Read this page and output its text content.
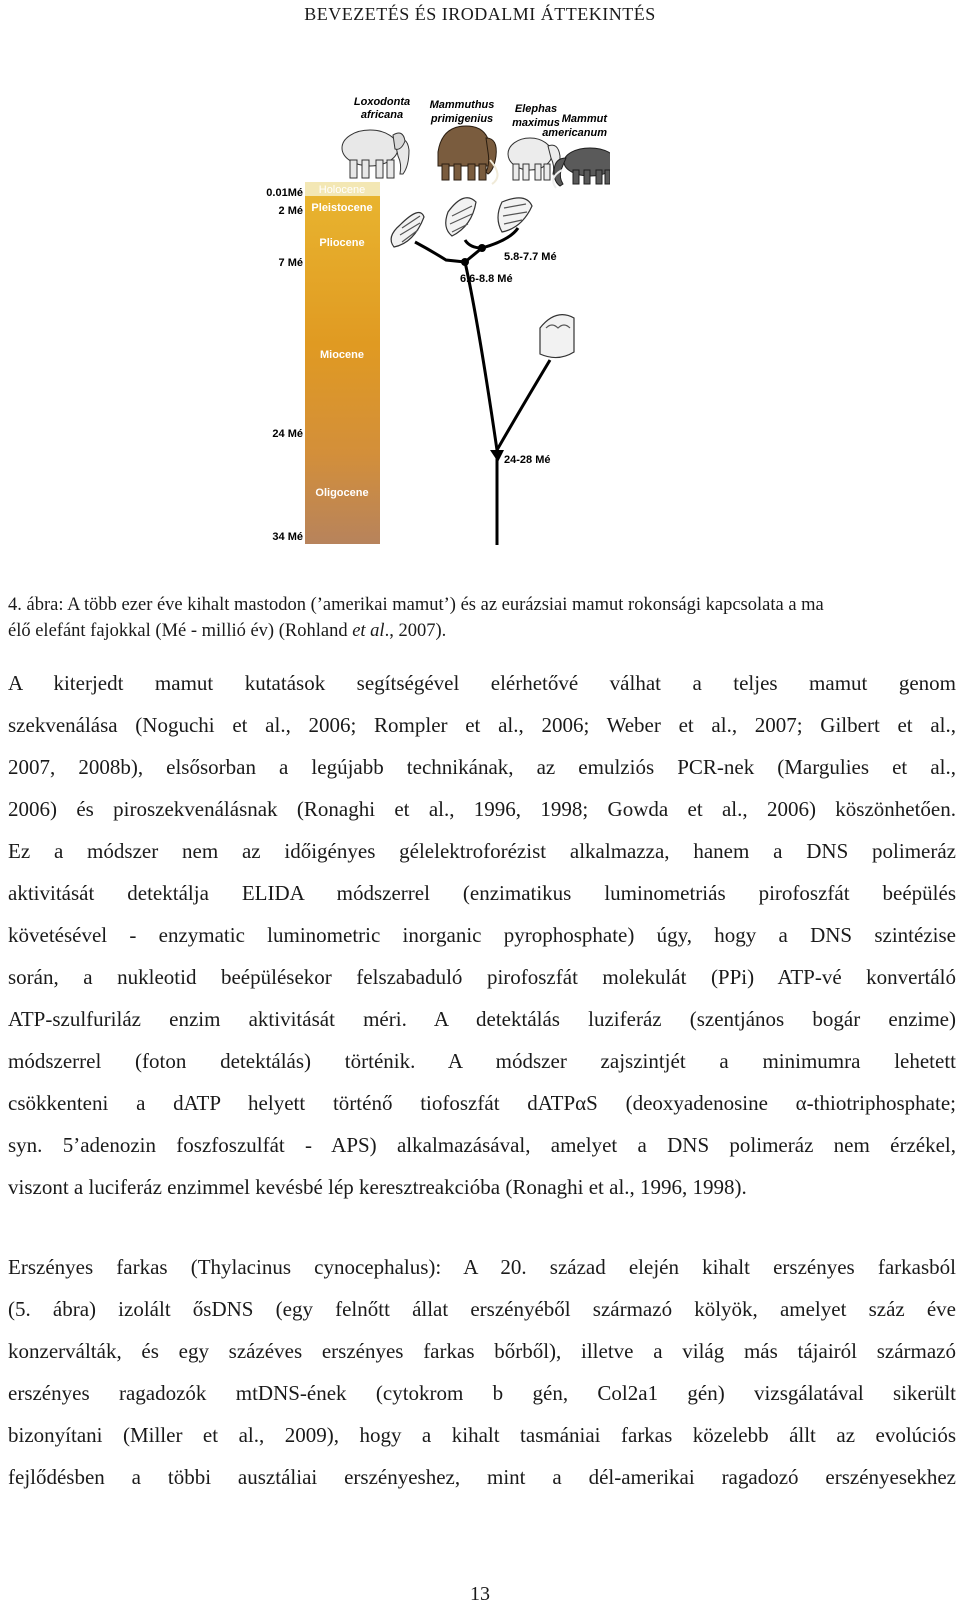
BEVEZETÉS ÉS IRODALMI ÁTTEKINTÉS
Holocene
Pleistocene
Pliocene
Miocene
Oligocene
0.01Mé
2 Mé
7 Mé
24 Mé
34 Mé
Loxodonta
africana
Mammuthus
primigenius
Elephas
maximus Mammut
americanum
5.8-7.7 Mé
6.6-8.8 Mé
24-28 Mé
4. ábra: A több ezer éve kihalt mastodon (’amerikai mamut’) és az eurázsiai mamut rokonsági kapcsolata a ma
élő elefánt fajokkal (Mé - millió év) (Rohland et al., 2007).
A kiterjedt mamut kutatások segítségével elérhetővé válhat a teljes mamut genom
szekvenálása (Noguchi et al., 2006; Rompler et al., 2006; Weber et al., 2007; Gilbert et al.,
2007, 2008b), elsősorban a legújabb technikának, az emulziós PCR-nek (Margulies et al.,
2006) és piroszekvenálásnak (Ronaghi et al., 1996, 1998; Gowda et al., 2006) köszönhetően.
Ez a módszer nem az időigényes gélelektroforézist alkalmazza, hanem a DNS polimeráz
aktivitását detektálja ELIDA módszerrel (enzimatikus luminometriás pirofoszfát beépülés
követésével - enzymatic luminometric inorganic pyrophosphate) úgy, hogy a DNS szintézise
során, a nukleotid beépülésekor felszabaduló pirofoszfát molekulát (PPi) ATP-vé konvertáló
ATP-szulfuriláz enzim aktivitását méri. A detektálás luziferáz (szentjános bogár enzime)
módszerrel (foton detektálás) történik. A módszer zajszintjét a minimumra lehetett
csökkenteni a dATP helyett történő tiofoszfát dATPαS (deoxyadenosine α-thiotriphosphate;
syn. 5’adenozin foszfoszulfát - APS) alkalmazásával, amelyet a DNS polimeráz nem érzékel,
viszont a luciferáz enzimmel kevésbé lép keresztreakcióba (Ronaghi et al., 1996, 1998).
Erszényes farkas (Thylacinus cynocephalus): A 20. század elején kihalt erszényes farkasból
(5. ábra) izolált ősDNS (egy felnőtt állat erszényéből származó kölyök, amelyet száz éve
konzerválták, és egy százéves erszényes farkas bőrből), illetve a világ más tájairól származó
erszényes ragadozók mtDNS-ének (cytokrom b gén, Col2a1 gén) vizsgálatával sikerült
bizonyítani (Miller et al., 2009), hogy a kihalt tasmániai farkas közelebb állt az evolúciós
fejlődésben a többi ausztáliai erszényeshez, mint a dél-amerikai ragadozó erszényesekhez
13
